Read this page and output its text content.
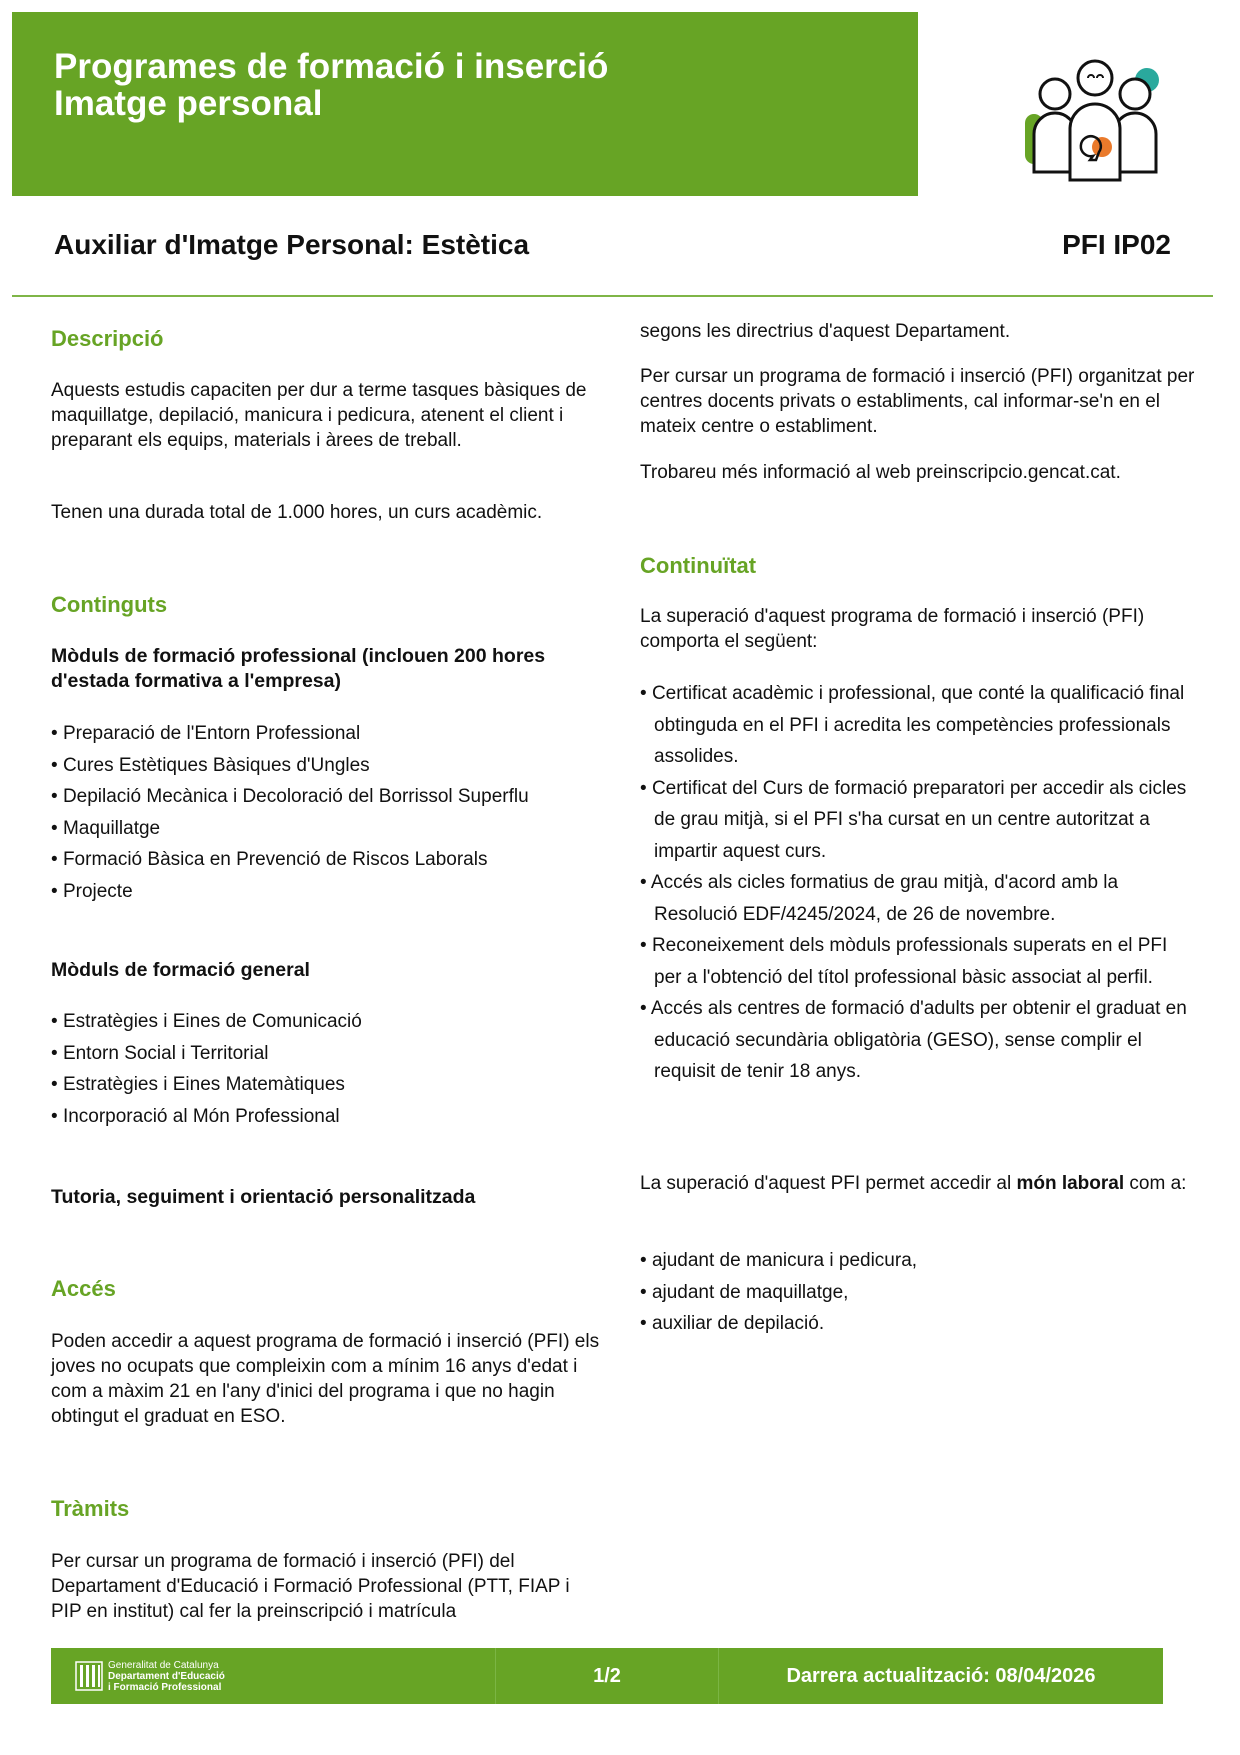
Programes de formació i inserció
Imatge personal
Auxiliar d'Imatge Personal: Estètica	PFI IP02
Descripció
Aquests estudis capaciten per dur a terme tasques bàsiques de maquillatge, depilació, manicura i pedicura, atenent el client i preparant els equips, materials i àrees de treball.
Tenen una durada total de 1.000 hores, un curs acadèmic.
Continguts
Mòduls de formació professional (inclouen 200 hores d'estada formativa a l'empresa)
• Preparació de l'Entorn Professional
• Cures Estètiques Bàsiques d'Ungles
• Depilació Mecànica i Decoloració del Borrissol Superflu
• Maquillatge
• Formació Bàsica en Prevenció de Riscos Laborals
• Projecte
Mòduls de formació general
• Estratègies i Eines de Comunicació
• Entorn Social i Territorial
• Estratègies i Eines Matemàtiques
• Incorporació al Món Professional
Tutoria, seguiment i orientació personalitzada
Accés
Poden accedir a aquest programa de formació i inserció (PFI) els joves no ocupats que compleixin com a mínim 16 anys d'edat i com a màxim 21 en l'any d'inici del programa i que no hagin obtingut el graduat en ESO.
Tràmits
Per cursar un programa de formació i inserció (PFI) del Departament d'Educació i Formació Professional (PTT, FIAP i PIP en institut) cal fer la preinscripció i matrícula
segons les directrius d'aquest Departament.
Per cursar un programa de formació i inserció (PFI) organitzat per centres docents privats o establiments, cal informar-se'n en el mateix centre o establiment.
Trobareu més informació al web preinscripcio.gencat.cat.
Continuïtat
La superació d'aquest programa de formació i inserció (PFI) comporta el següent:
• Certificat acadèmic i professional, que conté la qualificació final obtinguda en el PFI i acredita les competències professionals assolides.
• Certificat del Curs de formació preparatori per accedir als cicles de grau mitjà, si el PFI s'ha cursat en un centre autoritzat a impartir aquest curs.
• Accés als cicles formatius de grau mitjà, d'acord amb la Resolució EDF/4245/2024, de 26 de novembre.
• Reconeixement dels mòduls professionals superats en el PFI per a l'obtenció del títol professional bàsic associat al perfil.
• Accés als centres de formació d'adults per obtenir el graduat en educació secundària obligatòria (GESO), sense complir el requisit de tenir 18 anys.
La superació d'aquest PFI permet accedir al món laboral com a:
• ajudant de manicura i pedicura,
• ajudant de maquillatge,
• auxiliar de depilació.
Generalitat de Catalunya
Departament d'Educació
i Formació Professional
1/2	Darrera actualització: 08/04/2026
